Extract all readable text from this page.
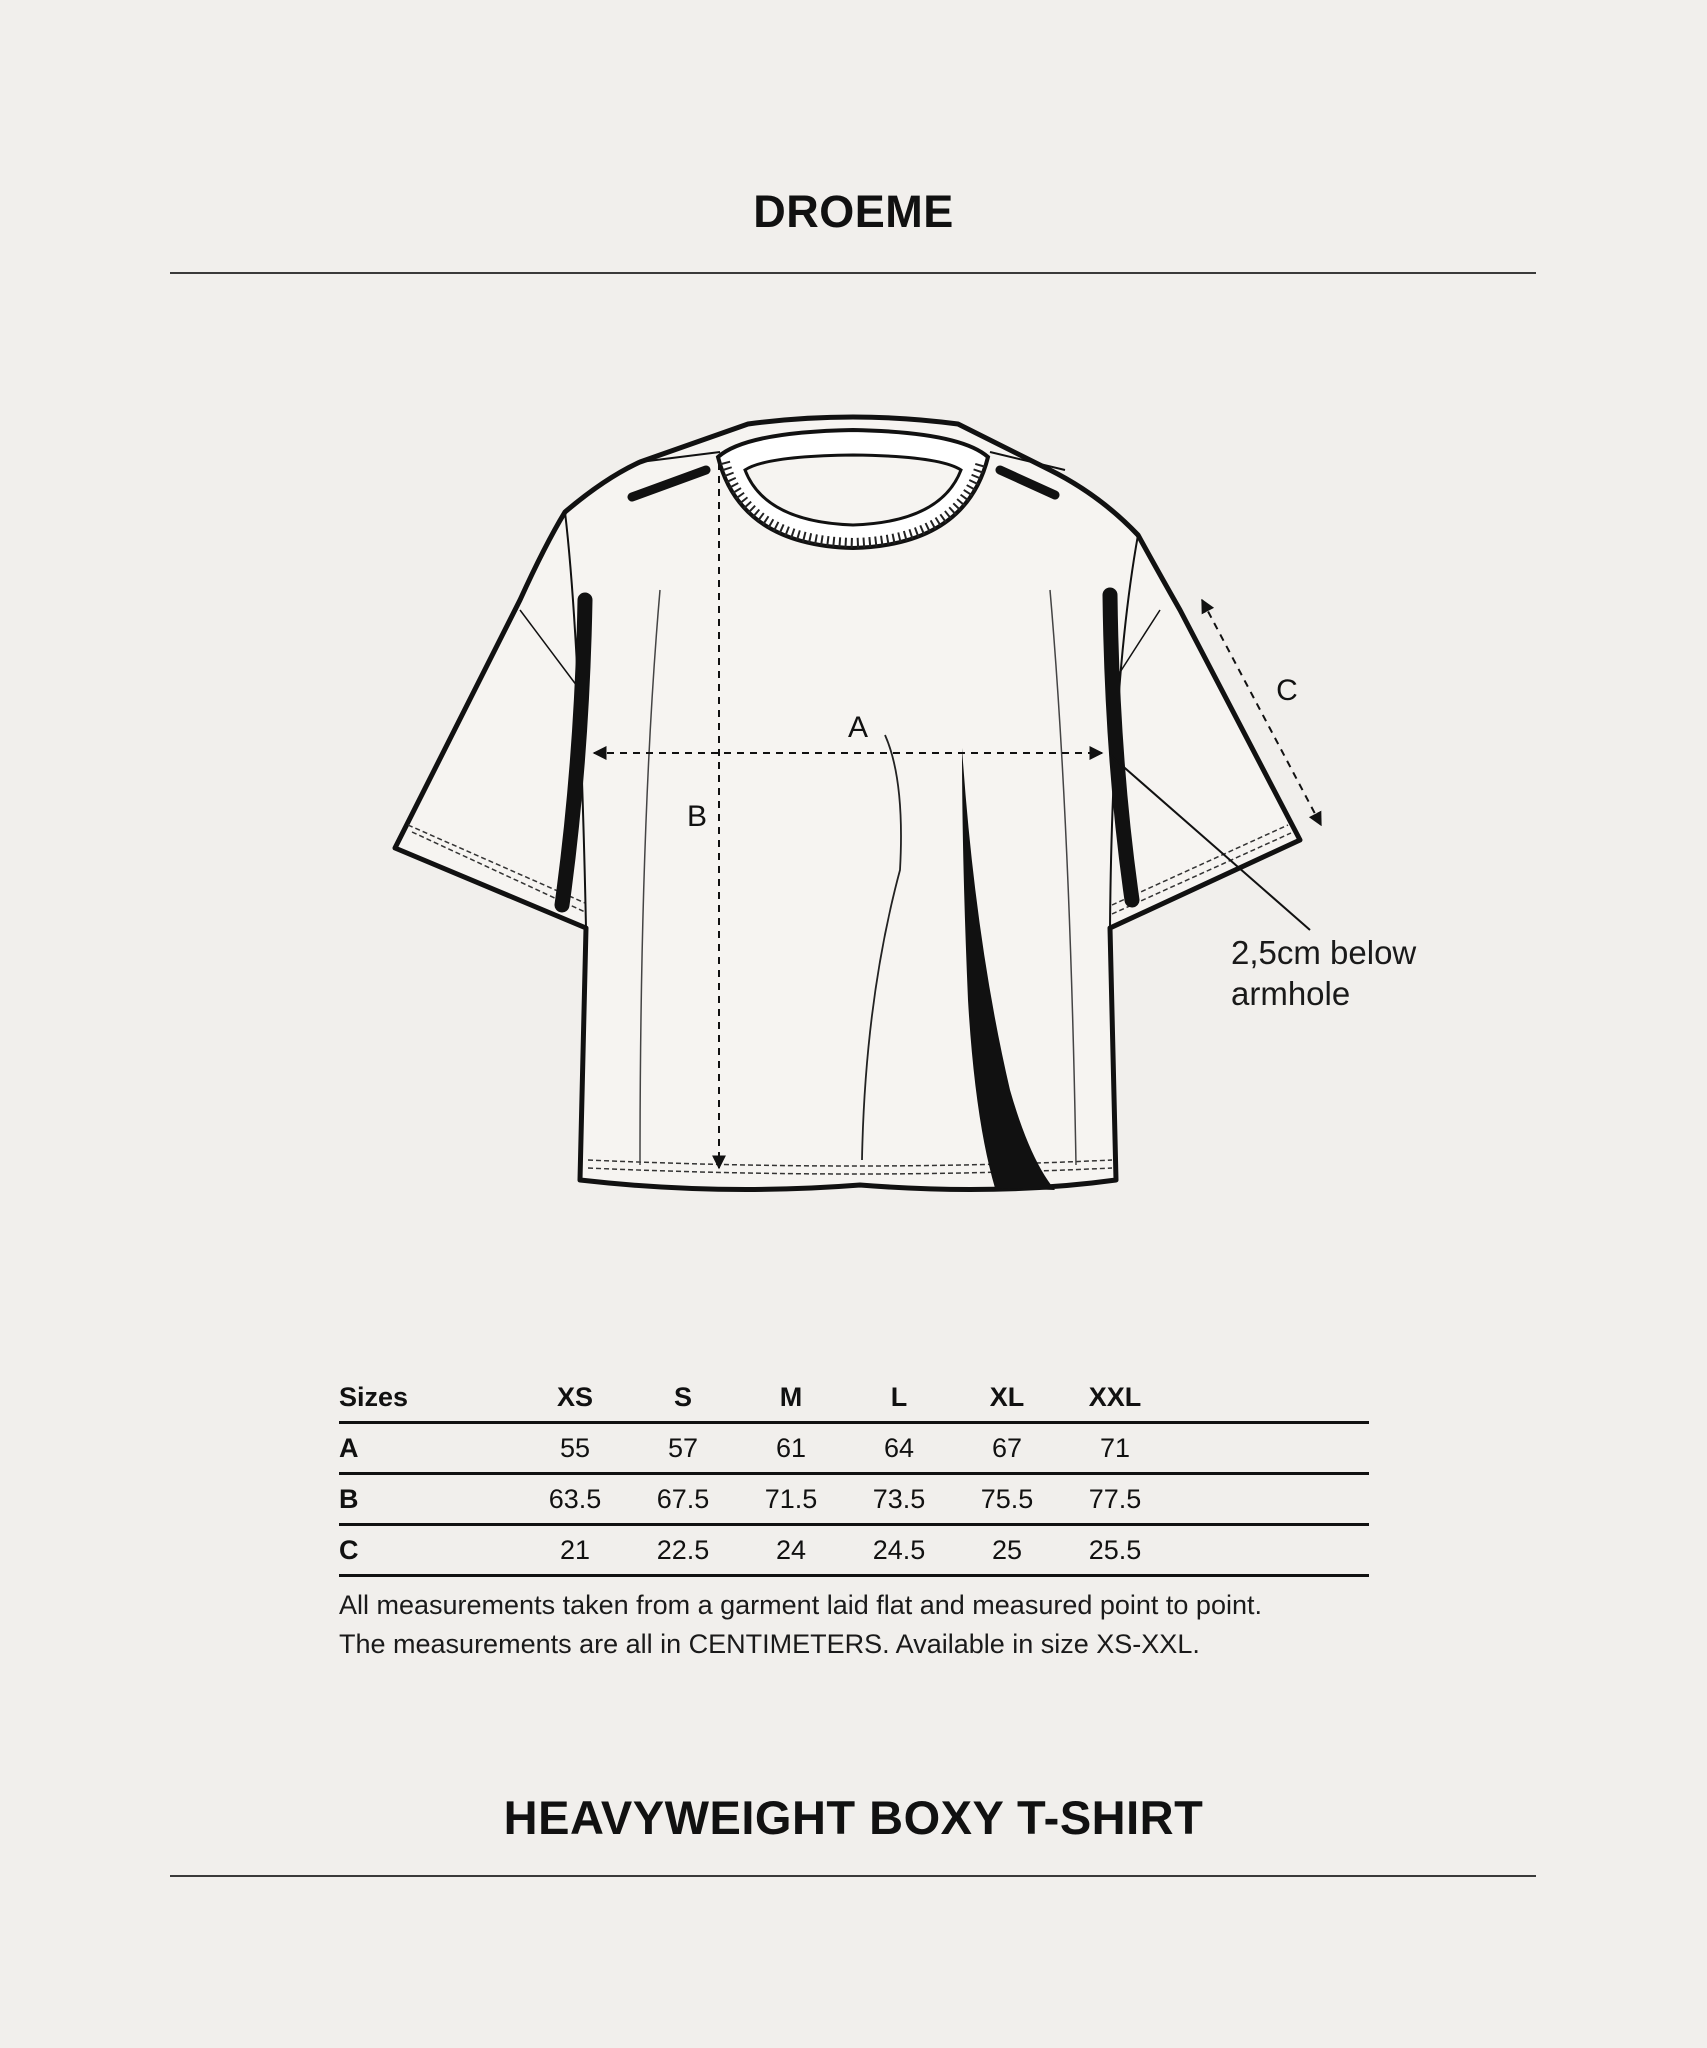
DROEME
A
B
C
2,5cm below
armhole
Sizes	XS	S	M	L	XL	XXL	
A	55	57	61	64	67	71	
B	63.5	67.5	71.5	73.5	75.5	77.5	
C	21	22.5	24	24.5	25	25.5	
All measurements taken from a garment laid flat and measured point to point.
The measurements are all in CENTIMETERS. Available in size XS-XXL.
HEAVYWEIGHT BOXY T-SHIRT
